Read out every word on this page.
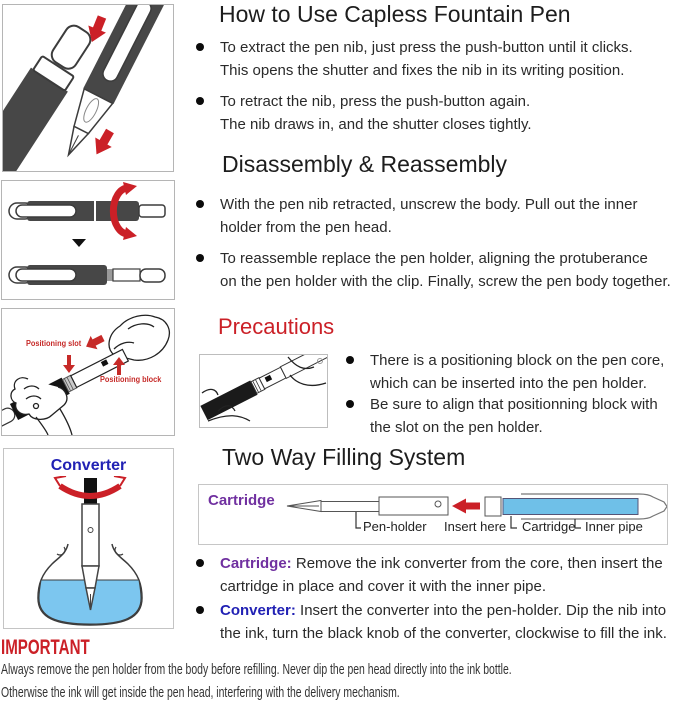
Positioning slot
Positioning block
Converter
How to Use Capless Fountain Pen
To extract the pen nib, just press the push-button until it clicks.
This opens the shutter and fixes the nib in its writing position.
To retract the nib, press the push-button again.
The nib draws in, and the shutter closes tightly.
Disassembly & Reassembly
With the pen nib retracted, unscrew the body. Pull out the inner
holder from the pen head.
To reassemble replace the pen holder, aligning the protuberance
on the pen holder with the clip. Finally, screw the pen body together.
Precautions
There is a positioning block on the pen core,
which can be inserted into the pen holder.
Be sure to align that positionning block with
the slot on the pen holder.
Two Way Filling System
Cartridge
Pen-holder Insert here Cartridge Inner pipe
Cartridge: Remove the ink converter from the core, then insert the
cartridge in place and cover it with the inner pipe.
Converter: Insert the converter into the pen-holder. Dip the nib into
the ink, turn the black knob of the converter, clockwise to fill the ink.
IMPORTANT
Always remove the pen holder from the body before refilling. Never dip the pen head directly into the ink bottle.
Otherwise the ink will get inside the pen head, interfering with the delivery mechanism.
